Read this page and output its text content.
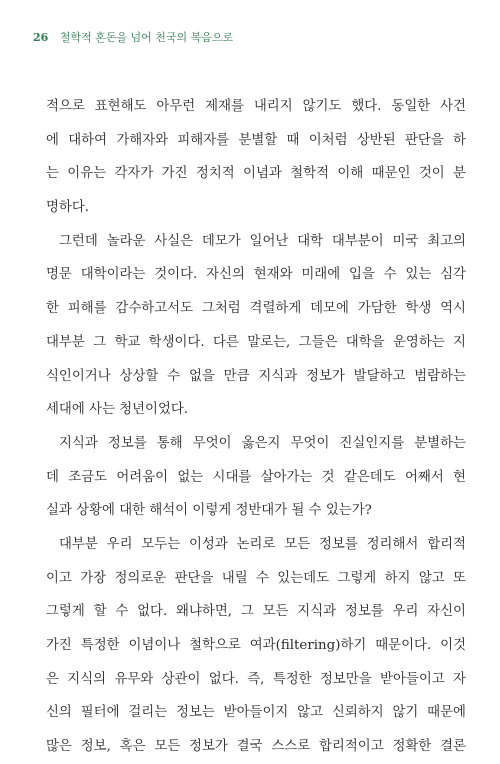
26 철학적 혼돈을 넘어 천국의 복음으로
적으로 표현해도 아무런 제재를 내리지 않기도 했다. 동일한 사건
에 대하여 가해자와 피해자를 분별할 때 이처럼 상반된 판단을 하
는 이유는 각자가 가진 정치적 이념과 철학적 이해 때문인 것이 분
명하다.
그런데 놀라운 사실은 데모가 일어난 대학 대부분이 미국 최고의
명문 대학이라는 것이다. 자신의 현재와 미래에 입을 수 있는 심각
한 피해를 감수하고서도 그처럼 격렬하게 데모에 가담한 학생 역시
대부분 그 학교 학생이다. 다른 말로는, 그들은 대학을 운영하는 지
식인이거나 상상할 수 없을 만큼 지식과 정보가 발달하고 범람하는
세대에 사는 청년이었다.
지식과 정보를 통해 무엇이 옳은지 무엇이 진실인지를 분별하는
데 조금도 어려움이 없는 시대를 살아가는 것 같은데도 어째서 현
실과 상황에 대한 해석이 이렇게 정반대가 될 수 있는가?
대부분 우리 모두는 이성과 논리로 모든 정보를 정리해서 합리적
이고 가장 정의로운 판단을 내릴 수 있는데도 그렇게 하지 않고 또
그렇게 할 수 없다. 왜냐하면, 그 모든 지식과 정보를 우리 자신이
가진 특정한 이념이나 철학으로 여과(filtering)하기 때문이다. 이것
은 지식의 유무와 상관이 없다. 즉, 특정한 정보만을 받아들이고 자
신의 필터에 걸리는 정보는 받아들이지 않고 신뢰하지 않기 때문에
많은 정보, 혹은 모든 정보가 결국 스스로 합리적이고 정확한 결론
